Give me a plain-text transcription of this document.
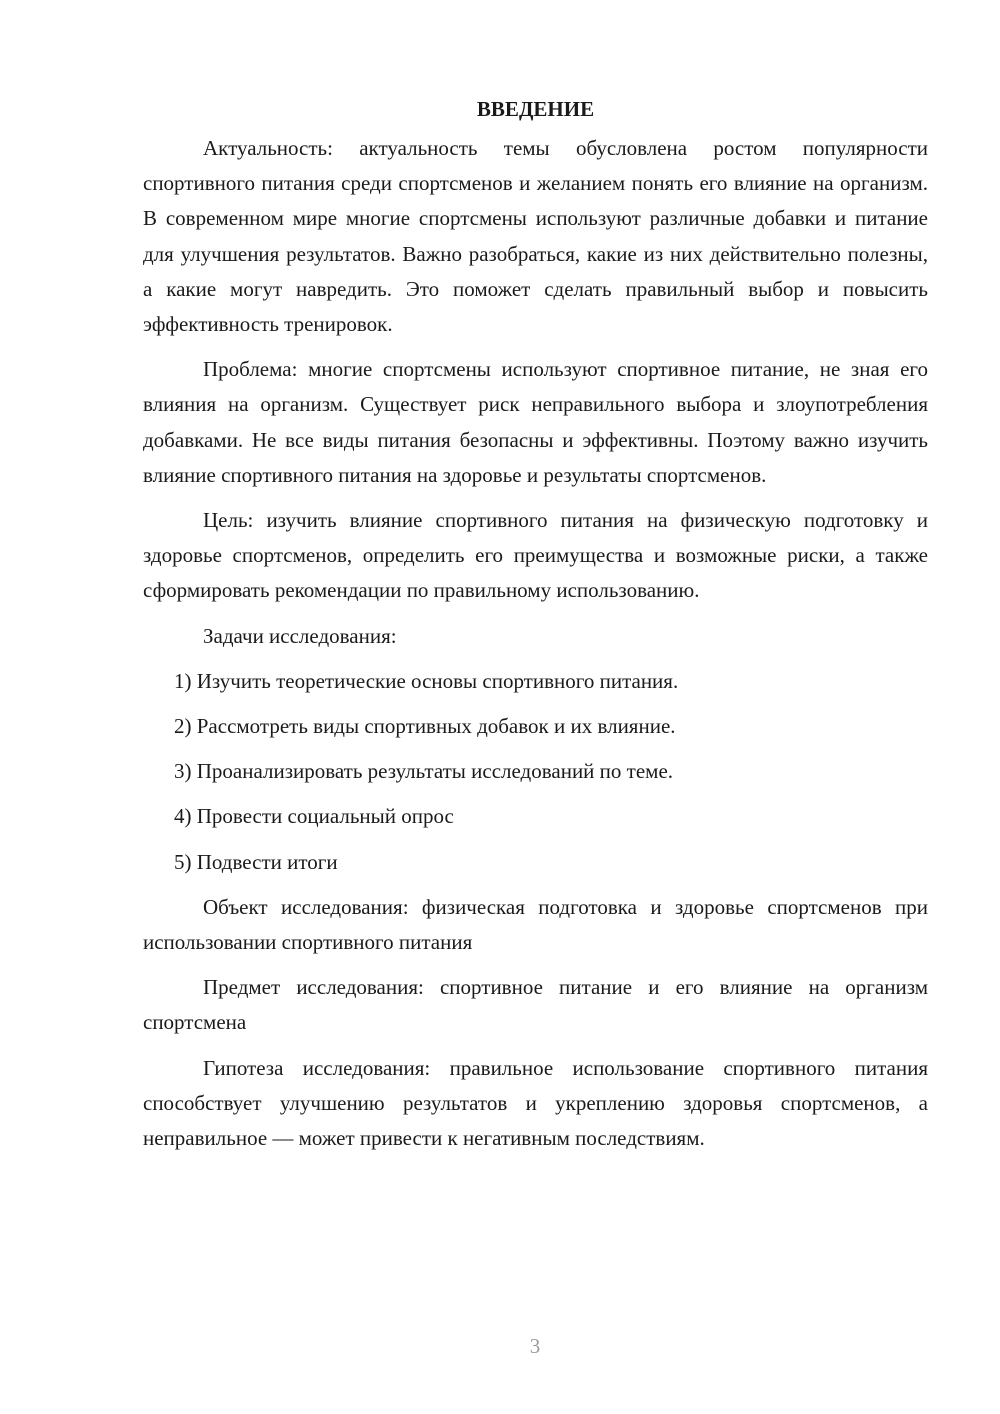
ВВЕДЕНИЕ

Актуальность: актуальность темы обусловлена ростом популярности спортивного питания среди спортсменов и желанием понять его влияние на организм. В современном мире многие спортсмены используют различные добавки и питание для улучшения результатов. Важно разобраться, какие из них действительно полезны, а какие могут навредить. Это поможет сделать правильный выбор и повысить эффективность тренировок.

Проблема: многие спортсмены используют спортивное питание, не зная его влияния на организм. Существует риск неправильного выбора и злоупотребления добавками. Не все виды питания безопасны и эффективны. Поэтому важно изучить влияние спортивного питания на здоровье и результаты спортсменов.

Цель: изучить влияние спортивного питания на физическую подготовку и здоровье спортсменов, определить его преимущества и возможные риски, а также сформировать рекомендации по правильному использованию.

Задачи исследования:

1) Изучить теоретические основы спортивного питания.
2) Рассмотреть виды спортивных добавок и их влияние.
3) Проанализировать результаты исследований по теме.
4) Провести социальный опрос
5) Подвести итоги

Объект исследования: физическая подготовка и здоровье спортсменов при использовании спортивного питания

Предмет исследования: спортивное питание и его влияние на организм спортсмена

Гипотеза исследования: правильное использование спортивного питания способствует улучшению результатов и укреплению здоровья спортсменов, а неправильное — может привести к негативным последствиям.

3
